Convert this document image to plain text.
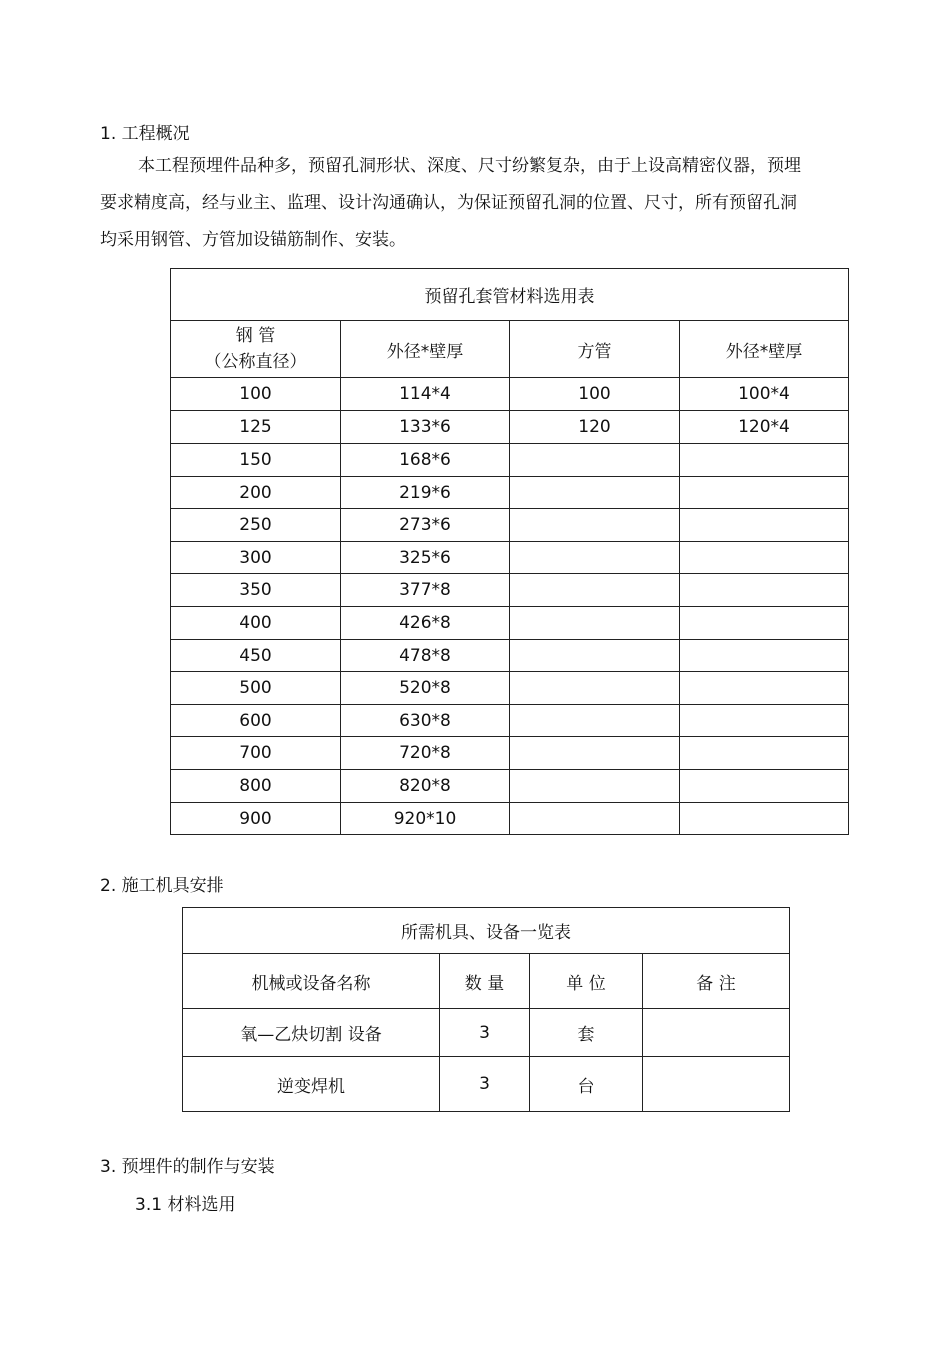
1. 工程概况
本工程预埋件品种多，预留孔洞形状、深度、尺寸纷繁复杂，由于上设高精密仪器，预埋
要求精度高，经与业主、监理、设计沟通确认，为保证预留孔洞的位置、尺寸，所有预留孔洞
均采用钢管、方管加设锚筋制作、安装。
预留孔套管材料选用表			

钢 管
（公称直径）	外径*壁厚	方管	外径*壁厚
100	114*4	100	100*4
125	133*6	120	120*4
150	168*6		
200	219*6		
250	273*6		
300	325*6		
350	377*8		
400	426*8		
450	478*8		
500	520*8		
600	630*8		
700	720*8		
800	820*8		
900	920*10		
2. 施工机具安排
所需机具、设备一览表			
机械或设备名称	数 量	单 位	备 注
氧—乙炔切割 设备	3	套	
逆变焊机	3	台	
3. 预埋件的制作与安装
3.1 材料选用
